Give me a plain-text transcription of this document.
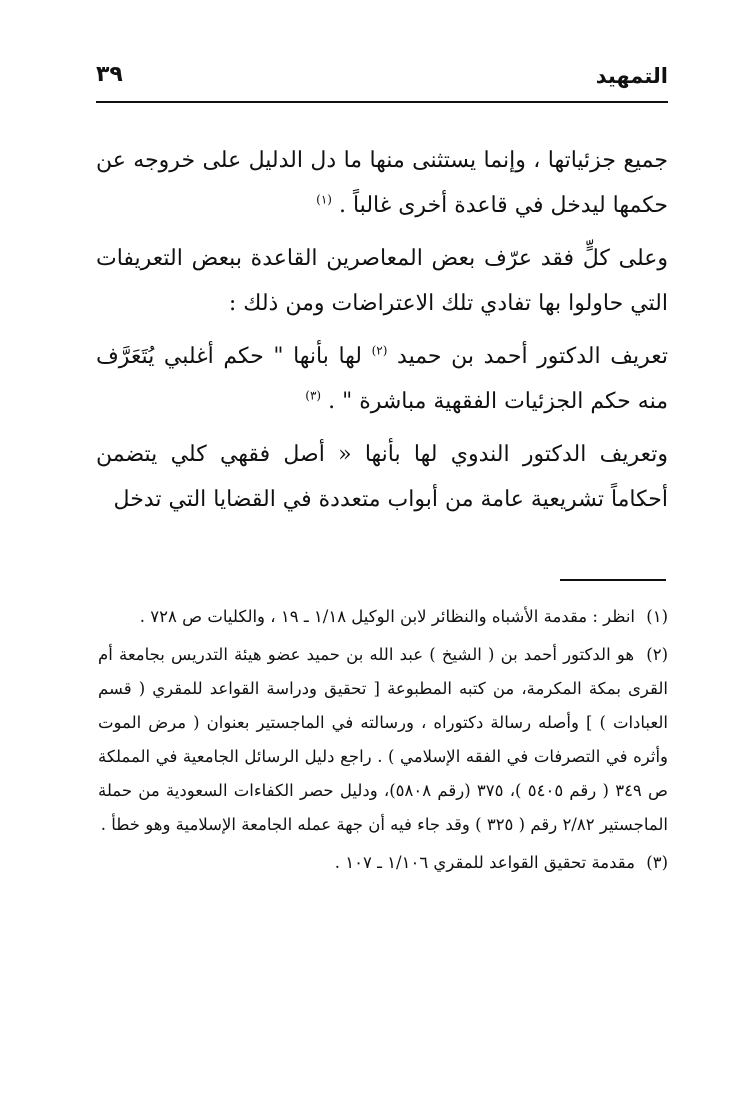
التمهيد
٣٩

جميع جزئياتها ، وإنما يستثنى منها ما دل الدليل على خروجه عن حكمها ليدخل في قاعدة أخرى غالباً . $^{(١)}$

وعلى كلٍّ فقد عرّف بعض المعاصرين القاعدة ببعض التعريفات التي حاولوا بها تفادي تلك الاعتراضات ومن ذلك :

تعريف الدكتور أحمد بن حميد $^{(٢)}$ لها بأنها " حكم أغلبي يُتَعَرَّف منه حكم الجزئيات الفقهية مباشرة " . $^{(٣)}$

وتعريف الدكتور الندوي لها بأنها « أصل فقهي كلي يتضمن أحكاماً تشريعية عامة من أبواب متعددة في القضايا التي تدخل

(١) انظر : مقدمة الأشباه والنظائر لابن الوكيل ١/١٨ ـ ١٩ ، والكليات ص ٧٢٨ .

(٢) هو الدكتور أحمد بن ( الشيخ ) عبد الله بن حميد عضو هيئة التدريس بجامعة أم القرى بمكة المكرمة، من كتبه المطبوعة [ تحقيق ودراسة القواعد للمقري ( قسم العبادات ) ] وأصله رسالة دكتوراه ، ورسالته في الماجستير بعنوان ( مرض الموت وأثره في التصرفات في الفقه الإسلامي ) . راجع دليل الرسائل الجامعية في المملكة ص ٣٤٩ ( رقم ٥٤٠٥ )، ٣٧٥ (رقم ٥٨٠٨)، ودليل حصر الكفاءات السعودية من حملة الماجستير ٢/٨٢ رقم ( ٣٢٥ ) وقد جاء فيه أن جهة عمله الجامعة الإسلامية وهو خطأ .

(٣) مقدمة تحقيق القواعد للمقري ١/١٠٦ ـ ١٠٧ .
